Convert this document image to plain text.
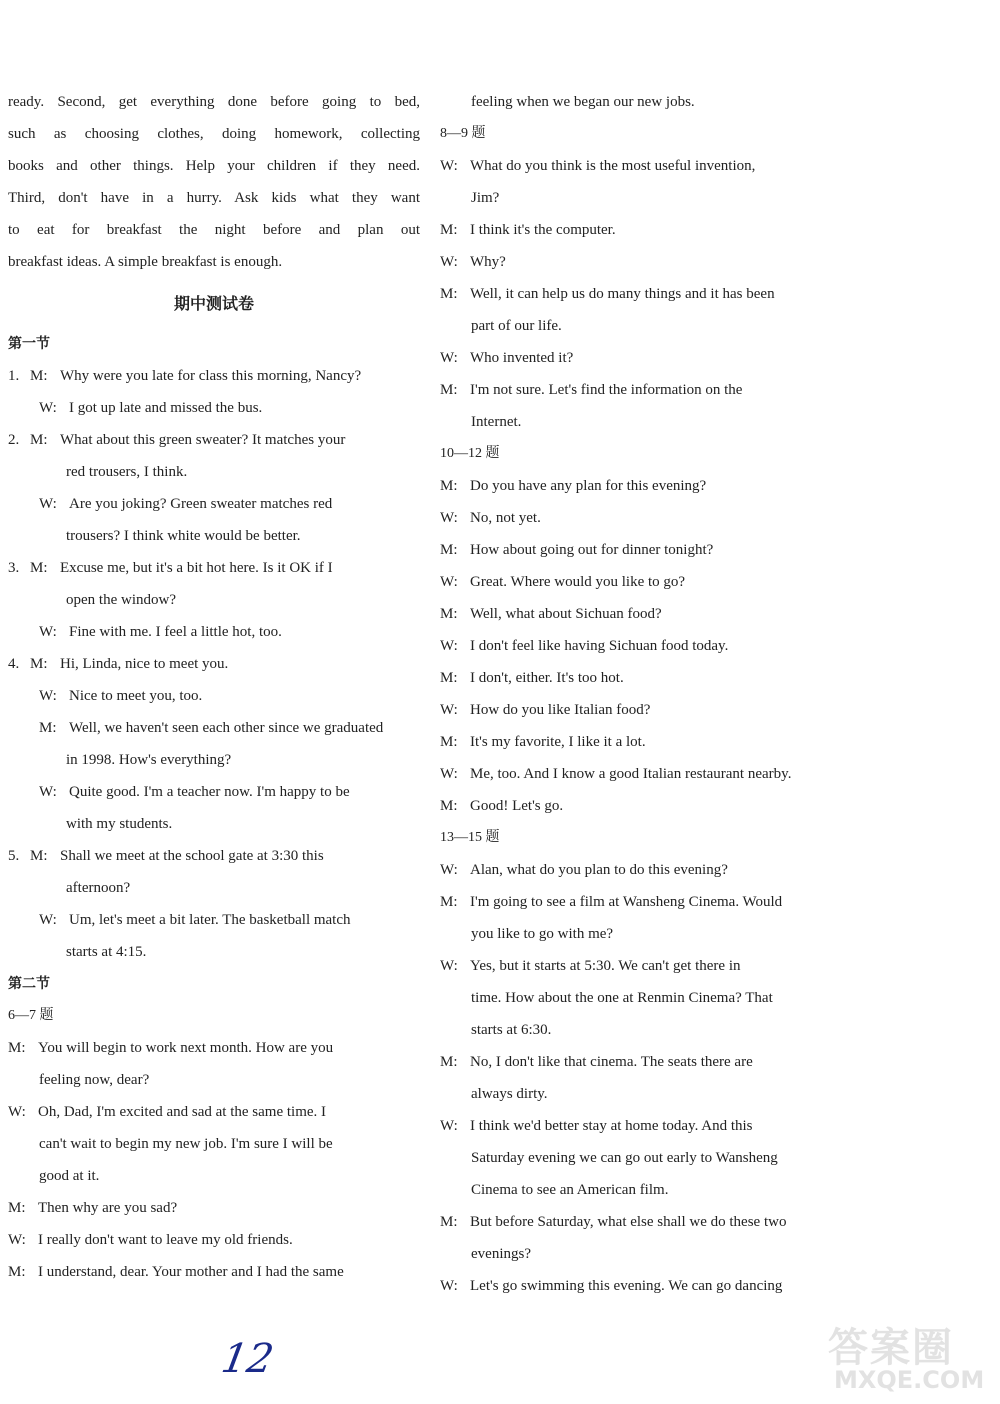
ready. Second, get everything done before going to bed,
such as choosing clothes, doing homework, collecting
books and other things. Help your children if they need.
Third, don't have in a hurry. Ask kids what they want
to eat for breakfast the night before and plan out
breakfast ideas. A simple breakfast is enough.
期中测试卷
第一节
1. M: Why were you late for class this morning, Nancy?
W: I got up late and missed the bus.
2. M: What about this green sweater? It matches your
red trousers, I think.
W: Are you joking? Green sweater matches red
trousers? I think white would be better.
3. M: Excuse me, but it's a bit hot here. Is it OK if I
open the window?
W: Fine with me. I feel a little hot, too.
4. M: Hi, Linda, nice to meet you.
W: Nice to meet you, too.
M: Well, we haven't seen each other since we graduated
in 1998. How's everything?
W: Quite good. I'm a teacher now. I'm happy to be
with my students.
5. M: Shall we meet at the school gate at 3:30 this
afternoon?
W: Um, let's meet a bit later. The basketball match
starts at 4:15.
第二节
6—7 题
M: You will begin to work next month. How are you
feeling now, dear?
W: Oh, Dad, I'm excited and sad at the same time. I
can't wait to begin my new job. I'm sure I will be
good at it.
M: Then why are you sad?
W: I really don't want to leave my old friends.
M: I understand, dear. Your mother and I had the same
feeling when we began our new jobs.
8—9 题
W: What do you think is the most useful invention,
Jim?
M: I think it's the computer.
W: Why?
M: Well, it can help us do many things and it has been
part of our life.
W: Who invented it?
M: I'm not sure. Let's find the information on the
Internet.
10—12 题
M: Do you have any plan for this evening?
W: No, not yet.
M: How about going out for dinner tonight?
W: Great. Where would you like to go?
M: Well, what about Sichuan food?
W: I don't feel like having Sichuan food today.
M: I don't, either. It's too hot.
W: How do you like Italian food?
M: It's my favorite, I like it a lot.
W: Me, too. And I know a good Italian restaurant nearby.
M: Good! Let's go.
13—15 题
W: Alan, what do you plan to do this evening?
M: I'm going to see a film at Wansheng Cinema. Would
you like to go with me?
W: Yes, but it starts at 5:30. We can't get there in
time. How about the one at Renmin Cinema? That
starts at 6:30.
M: No, I don't like that cinema. The seats there are
always dirty.
W: I think we'd better stay at home today. And this
Saturday evening we can go out early to Wansheng
Cinema to see an American film.
M: But before Saturday, what else shall we do these two
evenings?
W: Let's go swimming this evening. We can go dancing
12	答案圈
MXQE.COM
